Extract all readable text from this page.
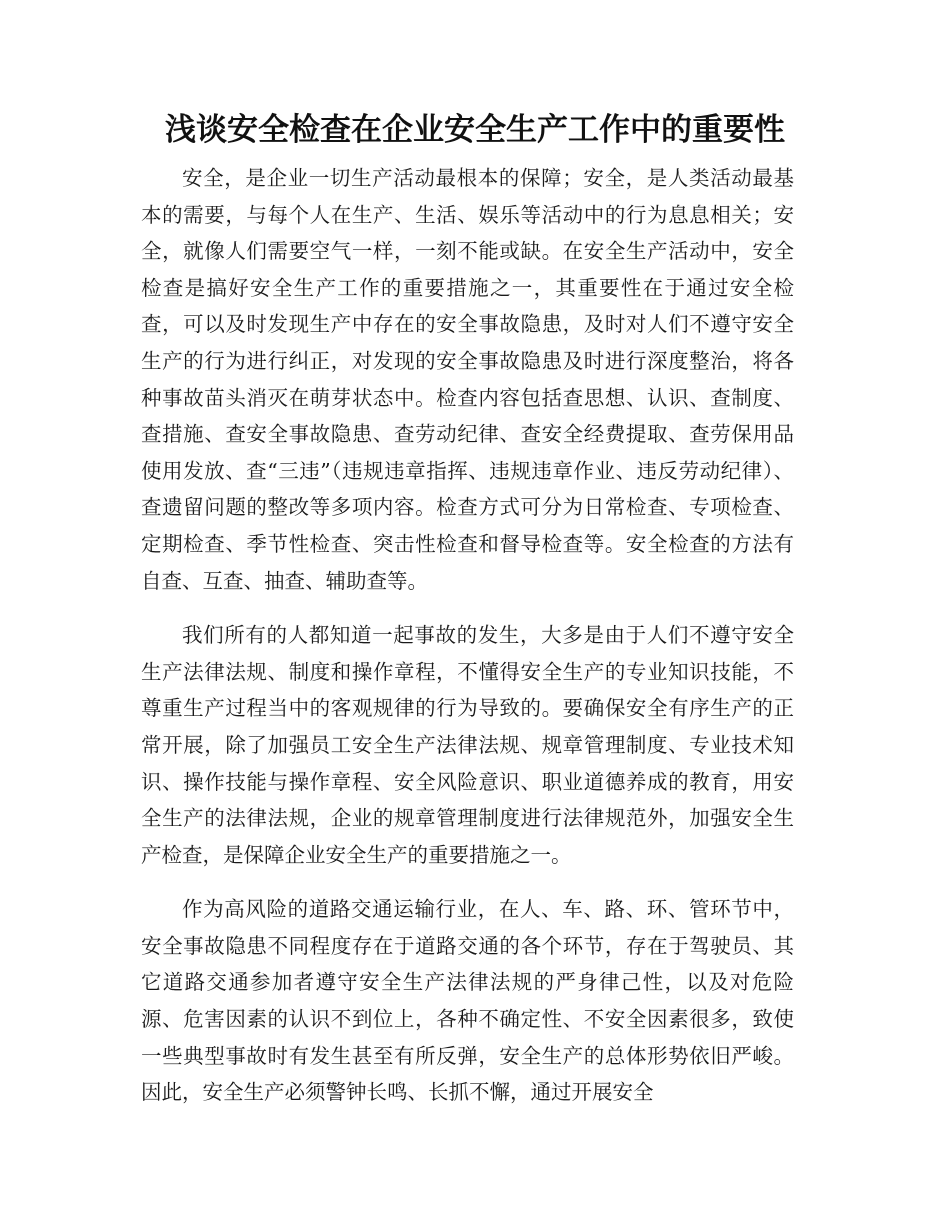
浅谈安全检查在企业安全生产工作中的重要性

安全，是企业一切生产活动最根本的保障；安全，是人类活动最基本的需要，与每个人在生产、生活、娱乐等活动中的行为息息相关；安全，就像人们需要空气一样，一刻不能或缺。在安全生产活动中，安全检查是搞好安全生产工作的重要措施之一，其重要性在于通过安全检查，可以及时发现生产中存在的安全事故隐患，及时对人们不遵守安全生产的行为进行纠正，对发现的安全事故隐患及时进行深度整治，将各种事故苗头消灭在萌芽状态中。检查内容包括查思想、认识、查制度、查措施、查安全事故隐患、查劳动纪律、查安全经费提取、查劳保用品使用发放、查“三违”（违规违章指挥、违规违章作业、违反劳动纪律）、查遗留问题的整改等多项内容。检查方式可分为日常检查、专项检查、定期检查、季节性检查、突击性检查和督导检查等。安全检查的方法有自查、互查、抽查、辅助查等。

我们所有的人都知道一起事故的发生，大多是由于人们不遵守安全生产法律法规、制度和操作章程，不懂得安全生产的专业知识技能，不尊重生产过程当中的客观规律的行为导致的。要确保安全有序生产的正常开展，除了加强员工安全生产法律法规、规章管理制度、专业技术知识、操作技能与操作章程、安全风险意识、职业道德养成的教育，用安全生产的法律法规，企业的规章管理制度进行法律规范外，加强安全生产检查，是保障企业安全生产的重要措施之一。

作为高风险的道路交通运输行业，在人、车、路、环、管环节中，安全事故隐患不同程度存在于道路交通的各个环节，存在于驾驶员、其它道路交通参加者遵守安全生产法律法规的严身律己性，以及对危险源、危害因素的认识不到位上，各种不确定性、不安全因素很多，致使一些典型事故时有发生甚至有所反弹，安全生产的总体形势依旧严峻。因此，安全生产必须警钟长鸣、长抓不懈，通过开展安全
